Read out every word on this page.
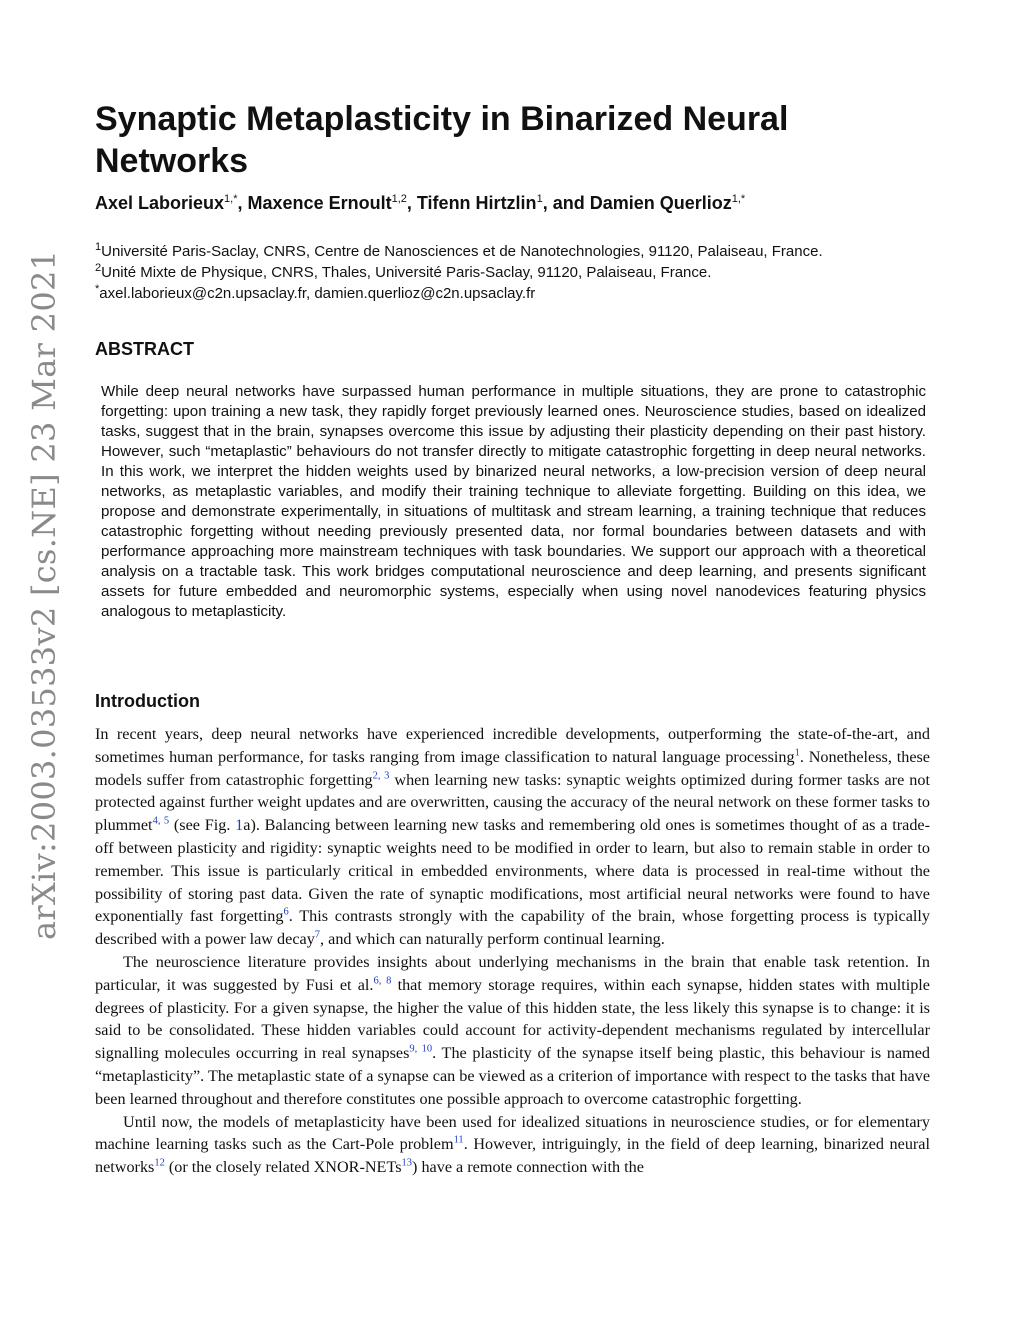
arXiv:2003.03533v2 [cs.NE] 23 Mar 2021
Synaptic Metaplasticity in Binarized Neural Networks
Axel Laborieux$^{1,*}$, Maxence Ernoult$^{1,2}$, Tifenn Hirtzlin$^1$, and Damien Querlioz$^{1,*}$
$^1$Université Paris-Saclay, CNRS, Centre de Nanosciences et de Nanotechnologies, 91120, Palaiseau, France.
$^2$Unité Mixte de Physique, CNRS, Thales, Université Paris-Saclay, 91120, Palaiseau, France.
*axel.laborieux@c2n.upsaclay.fr, damien.querlioz@c2n.upsaclay.fr
ABSTRACT

While deep neural networks have surpassed human performance in multiple situations, they are prone to catastrophic forgetting: upon training a new task, they rapidly forget previously learned ones. Neuroscience studies, based on idealized tasks, suggest that in the brain, synapses overcome this issue by adjusting their plasticity depending on their past history. However, such “metaplastic” behaviours do not transfer directly to mitigate catastrophic forgetting in deep neural networks. In this work, we interpret the hidden weights used by binarized neural networks, a low-precision version of deep neural networks, as metaplastic variables, and modify their training technique to alleviate forgetting. Building on this idea, we propose and demonstrate experimentally, in situations of multitask and stream learning, a training technique that reduces catastrophic forgetting without needing previously presented data, nor formal boundaries between datasets and with performance approaching more mainstream techniques with task boundaries. We support our approach with a theoretical analysis on a tractable task. This work bridges computational neuroscience and deep learning, and presents significant assets for future embedded and neuromorphic systems, especially when using novel nanodevices featuring physics analogous to metaplasticity.

Introduction

In recent years, deep neural networks have experienced incredible developments, outperforming the state-of-the-art, and sometimes human performance, for tasks ranging from image classification to natural language processing$^1$. Nonetheless, these models suffer from catastrophic forgetting$^{2, 3}$ when learning new tasks: synaptic weights optimized during former tasks are not protected against further weight updates and are overwritten, causing the accuracy of the neural network on these former tasks to plummet$^{4, 5}$ (see Fig. 1a). Balancing between learning new tasks and remembering old ones is sometimes thought of as a trade-off between plasticity and rigidity: synaptic weights need to be modified in order to learn, but also to remain stable in order to remember. This issue is particularly critical in embedded environments, where data is processed in real-time without the possibility of storing past data. Given the rate of synaptic modifications, most artificial neural networks were found to have exponentially fast forgetting$^6$. This contrasts strongly with the capability of the brain, whose forgetting process is typically described with a power law decay$^7$, and which can naturally perform continual learning.

The neuroscience literature provides insights about underlying mechanisms in the brain that enable task retention. In particular, it was suggested by Fusi et al.$^{6, 8}$ that memory storage requires, within each synapse, hidden states with multiple degrees of plasticity. For a given synapse, the higher the value of this hidden state, the less likely this synapse is to change: it is said to be consolidated. These hidden variables could account for activity-dependent mechanisms regulated by intercellular signalling molecules occurring in real synapses$^{9, 10}$. The plasticity of the synapse itself being plastic, this behaviour is named “metaplasticity”. The metaplastic state of a synapse can be viewed as a criterion of importance with respect to the tasks that have been learned throughout and therefore constitutes one possible approach to overcome catastrophic forgetting.

Until now, the models of metaplasticity have been used for idealized situations in neuroscience studies, or for elementary machine learning tasks such as the Cart-Pole problem$^{11}$. However, intriguingly, in the field of deep learning, binarized neural networks$^{12}$ (or the closely related XNOR-NETs$^{13}$) have a remote connection with the
